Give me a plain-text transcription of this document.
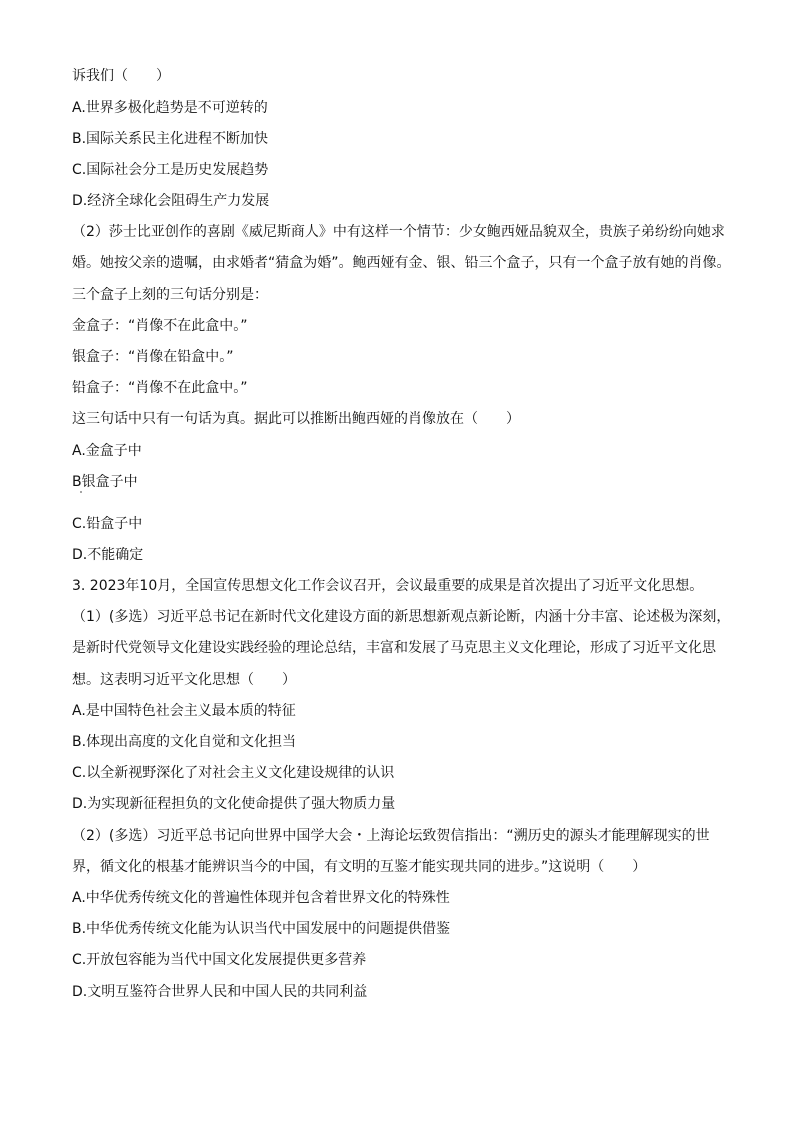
诉我们（　　）
A.世界多极化趋势是不可逆转的
B.国际关系民主化进程不断加快
C.国际社会分工是历史发展趋势
D.经济全球化会阻碍生产力发展
（2）莎士比亚创作的喜剧《威尼斯商人》中有这样一个情节：少女鲍西娅品貌双全，贵族子弟纷纷向她求
婚。她按父亲的遗嘱，由求婚者“猜盒为婚”。鲍西娅有金、银、铅三个盒子，只有一个盒子放有她的肖像。
三个盒子上刻的三句话分别是：
金盒子：“肖像不在此盒中。”
银盒子：“肖像在铅盒中。”
铅盒子：“肖像不在此盒中。”
这三句话中只有一句话为真。据此可以推断出鲍西娅的肖像放在（　　）
A.金盒子中
B银盒子中
C.铅盒子中
D.不能确定
3. 2023年10月，全国宣传思想文化工作会议召开，会议最重要的成果是首次提出了习近平文化思想。
（1）(多选）习近平总书记在新时代文化建设方面的新思想新观点新论断，内涵十分丰富、论述极为深刻，
是新时代党领导文化建设实践经验的理论总结，丰富和发展了马克思主义文化理论，形成了习近平文化思
想。这表明习近平文化思想（　　）
A.是中国特色社会主义最本质的特征
B.体现出高度的文化自觉和文化担当
C.以全新视野深化了对社会主义文化建设规律的认识
D.为实现新征程担负的文化使命提供了强大物质力量
（2）(多选）习近平总书记向世界中国学大会・上海论坛致贺信指出：“溯历史的源头才能理解现实的世
界，循文化的根基才能辨识当今的中国，有文明的互鉴才能实现共同的进步。”这说明（　　）
A.中华优秀传统文化的普遍性体现并包含着世界文化的特殊性
B.中华优秀传统文化能为认识当代中国发展中的问题提供借鉴
C.开放包容能为当代中国文化发展提供更多营养
D.文明互鉴符合世界人民和中国人民的共同利益
